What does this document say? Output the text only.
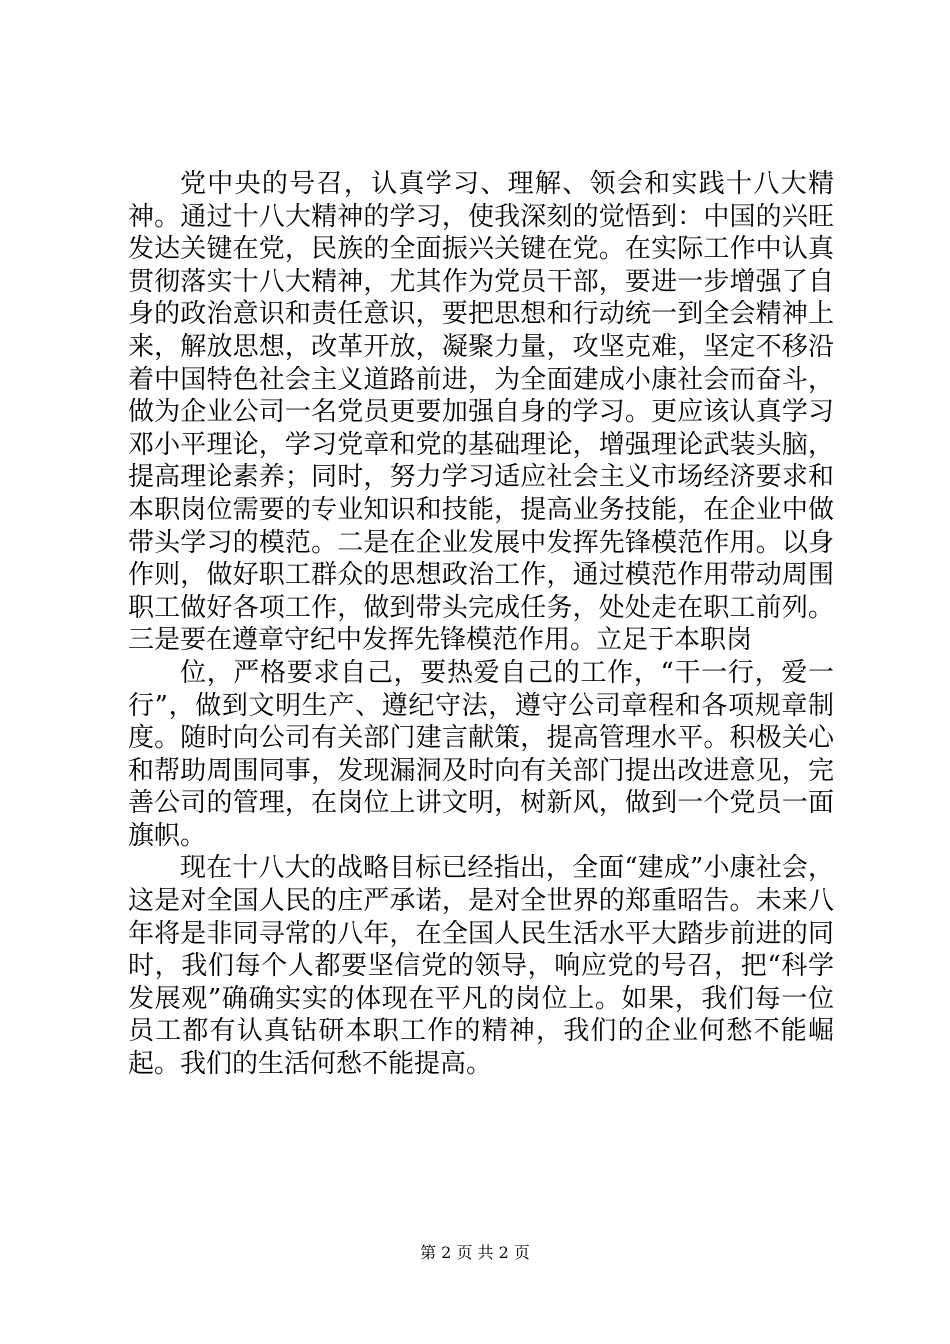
党中央的号召，认真学习、理解、领会和实践十八大精神。通过十八大精神的学习，使我深刻的觉悟到：中国的兴旺发达关键在党，民族的全面振兴关键在党。在实际工作中认真贯彻落实十八大精神，尤其作为党员干部，要进一步增强了自身的政治意识和责任意识，要把思想和行动统一到全会精神上来，解放思想，改革开放，凝聚力量，攻坚克难，坚定不移沿着中国特色社会主义道路前进，为全面建成小康社会而奋斗，做为企业公司一名党员更要加强自身的学习。更应该认真学习邓小平理论，学习党章和党的基础理论，增强理论武装头脑，提高理论素养；同时，努力学习适应社会主义市场经济要求和本职岗位需要的专业知识和技能，提高业务技能，在企业中做带头学习的模范。二是在企业发展中发挥先锋模范作用。以身作则，做好职工群众的思想政治工作，通过模范作用带动周围职工做好各项工作，做到带头完成任务，处处走在职工前列。三是要在遵章守纪中发挥先锋模范作用。立足于本职岗

位，严格要求自己，要热爱自己的工作，“干一行，爱一行”，做到文明生产、遵纪守法，遵守公司章程和各项规章制度。随时向公司有关部门建言献策，提高管理水平。积极关心和帮助周围同事，发现漏洞及时向有关部门提出改进意见，完善公司的管理，在岗位上讲文明，树新风，做到一个党员一面旗帜。

现在十八大的战略目标已经指出，全面“建成”小康社会，这是对全国人民的庄严承诺，是对全世界的郑重昭告。未来八年将是非同寻常的八年，在全国人民生活水平大踏步前进的同时，我们每个人都要坚信党的领导，响应党的号召，把“科学发展观”确确实实的体现在平凡的岗位上。如果，我们每一位员工都有认真钻研本职工作的精神，我们的企业何愁不能崛起。我们的生活何愁不能提高。

第 2 页 共 2 页
